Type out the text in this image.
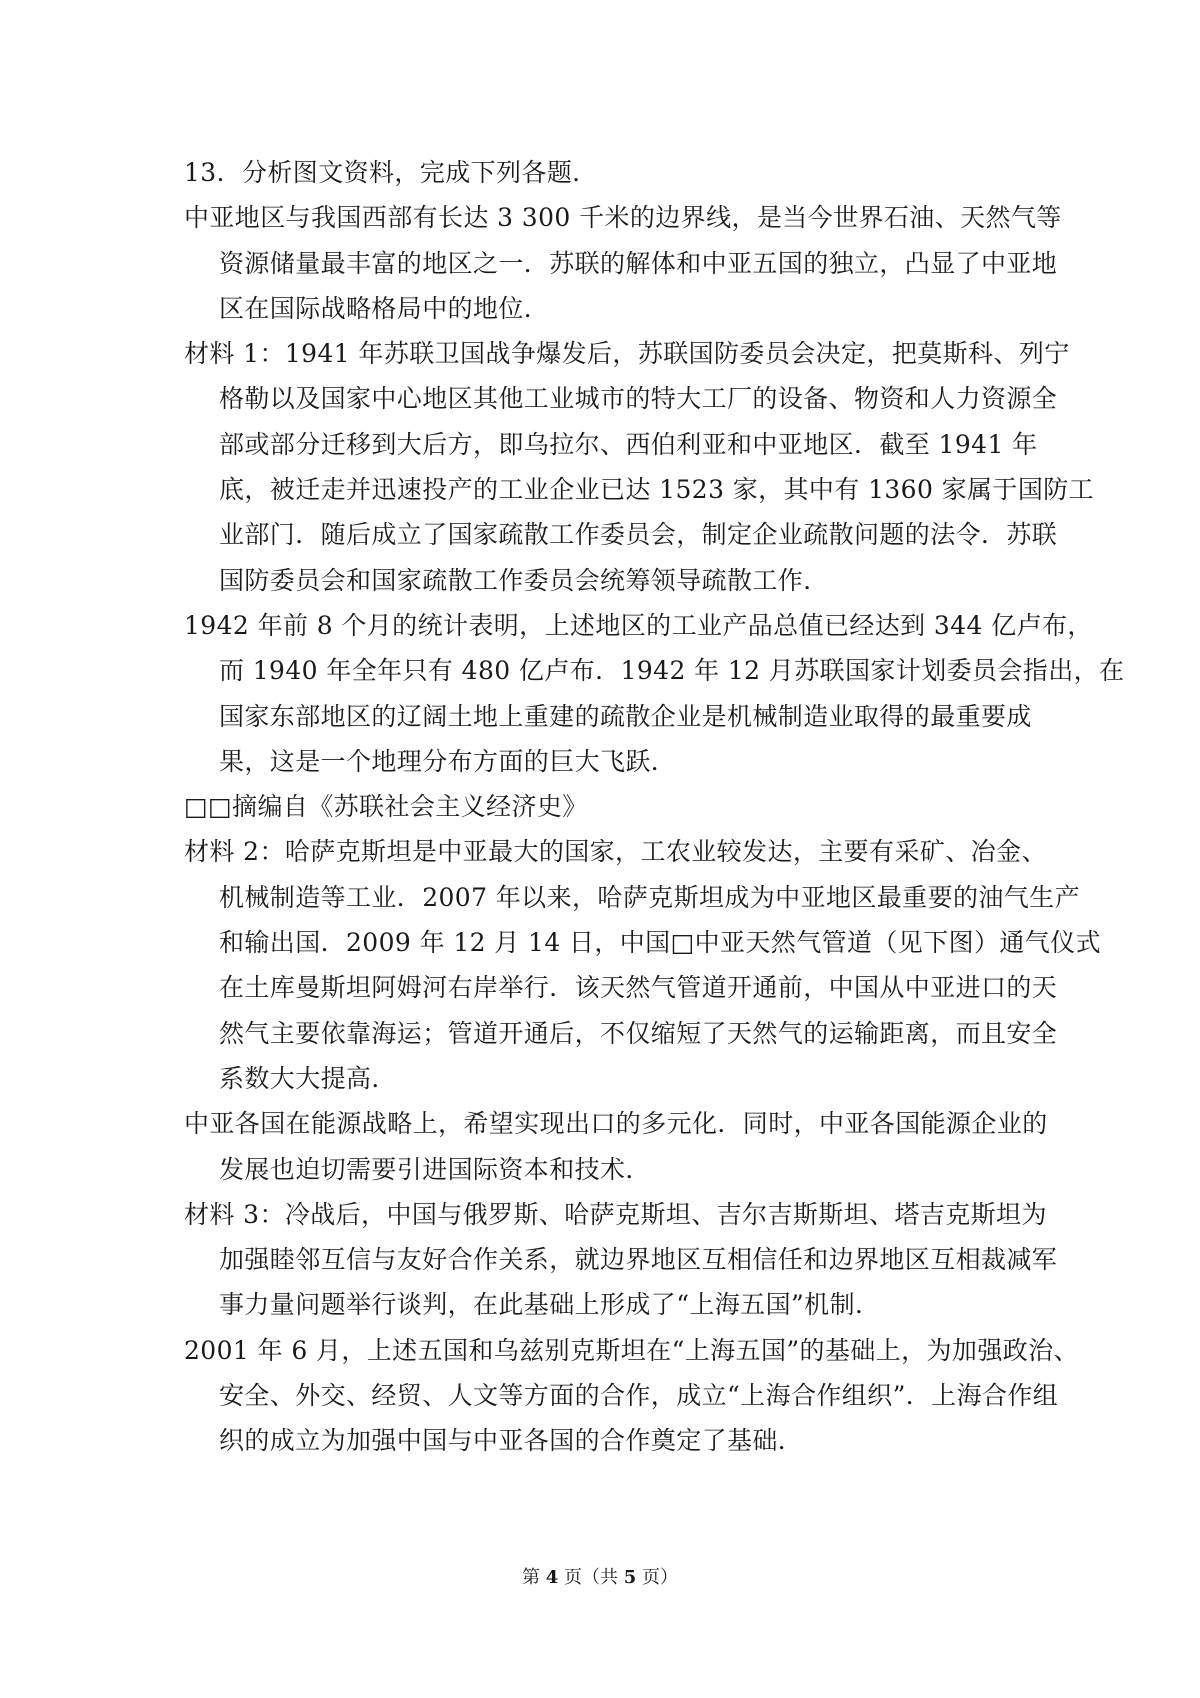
13．分析图文资料，完成下列各题．
中亚地区与我国西部有长达 3 300 千米的边界线，是当今世界石油、天然气等
资源储量最丰富的地区之一．苏联的解体和中亚五国的独立，凸显了中亚地
区在国际战略格局中的地位．
材料 1：1941 年苏联卫国战争爆发后，苏联国防委员会决定，把莫斯科、列宁
格勒以及国家中心地区其他工业城市的特大工厂的设备、物资和人力资源全
部或部分迁移到大后方，即乌拉尔、西伯利亚和中亚地区．截至 1941 年
底，被迁走并迅速投产的工业企业已达 1523 家，其中有 1360 家属于国防工
业部门．随后成立了国家疏散工作委员会，制定企业疏散问题的法令．苏联
国防委员会和国家疏散工作委员会统筹领导疏散工作．
1942 年前 8 个月的统计表明，上述地区的工业产品总值已经达到 344 亿卢布，
而 1940 年全年只有 480 亿卢布．1942 年 12 月苏联国家计划委员会指出，在
国家东部地区的辽阔土地上重建的疏散企业是机械制造业取得的最重要成
果，这是一个地理分布方面的巨大飞跃．
□□摘编自《苏联社会主义经济史》
材料 2：哈萨克斯坦是中亚最大的国家，工农业较发达，主要有采矿、冶金、
机械制造等工业．2007 年以来，哈萨克斯坦成为中亚地区最重要的油气生产
和输出国．2009 年 12 月 14 日，中国□中亚天然气管道（见下图）通气仪式
在土库曼斯坦阿姆河右岸举行．该天然气管道开通前，中国从中亚进口的天
然气主要依靠海运；管道开通后，不仅缩短了天然气的运输距离，而且安全
系数大大提高．
中亚各国在能源战略上，希望实现出口的多元化．同时，中亚各国能源企业的
发展也迫切需要引进国际资本和技术．
材料 3：冷战后，中国与俄罗斯、哈萨克斯坦、吉尔吉斯斯坦、塔吉克斯坦为
加强睦邻互信与友好合作关系，就边界地区互相信任和边界地区互相裁减军
事力量问题举行谈判，在此基础上形成了“上海五国”机制．
2001 年 6 月，上述五国和乌兹别克斯坦在“上海五国”的基础上，为加强政治、
安全、外交、经贸、人文等方面的合作，成立“上海合作组织”．上海合作组
织的成立为加强中国与中亚各国的合作奠定了基础．
第 4 页（共 5 页）
